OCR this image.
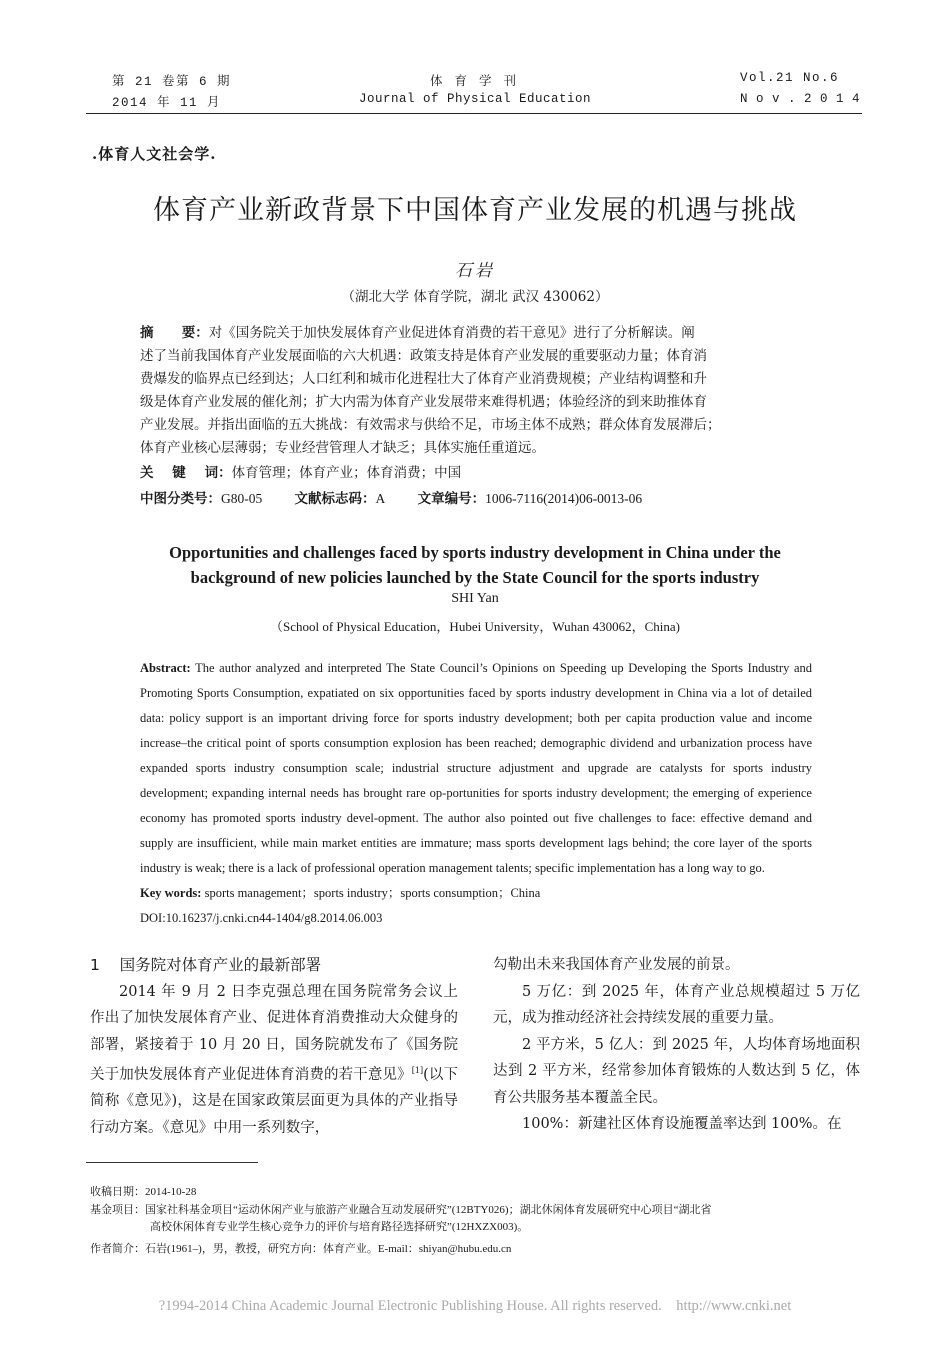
第 21 卷第 6 期
2014 年 11 月
体 育 学 刊
Journal of Physical Education
Vol.21 No.6
N o v . 2 0 1 4
.体育人文社会学.
体育产业新政背景下中国体育产业发展的机遇与挑战
石岩
（湖北大学 体育学院，湖北 武汉 430062）
摘      要：对《国务院关于加快发展体育产业促进体育消费的若干意见》进行了分析解读。阐
述了当前我国体育产业发展面临的六大机遇：政策支持是体育产业发展的重要驱动力量；体育消
费爆发的临界点已经到达；人口红利和城市化进程壮大了体育产业消费规模；产业结构调整和升
级是体育产业发展的催化剂；扩大内需为体育产业发展带来难得机遇；体验经济的到来助推体育
产业发展。并指出面临的五大挑战：有效需求与供给不足，市场主体不成熟；群众体育发展滞后；
体育产业核心层薄弱；专业经营管理人才缺乏；具体实施任重道远。
关    键    词：体育管理；体育产业；体育消费；中国
中图分类号：G80-05 文献标志码：A 文章编号：1006-7116(2014)06-0013-06
Opportunities and challenges faced by sports industry development in China under the
background of new policies launched by the State Council for the sports industry
SHI Yan
（School of Physical Education，Hubei University，Wuhan 430062，China)
Abstract: The author analyzed and interpreted The State Council’s Opinions on Speeding up Developing the Sports Industry and Promoting Sports Consumption, expatiated on six opportunities faced by sports industry development in China via a lot of detailed data: policy support is an important driving force for sports industry development; both per capita production value and income increase–the critical point of sports consumption explosion has been reached; demographic dividend and urbanization process have expanded sports industry consumption scale; industrial structure adjustment and upgrade are catalysts for sports industry development; expanding internal needs has brought rare op-portunities for sports industry development; the emerging of experience economy has promoted sports industry devel-opment. The author also pointed out five challenges to face: effective demand and supply are insufficient, while main market entities are immature; mass sports development lags behind; the core layer of the sports industry is weak; there is a lack of professional operation management talents; specific implementation has a long way to go.
Key words: sports management；sports industry；sports consumption；China
DOI:10.16237/j.cnki.cn44-1404/g8.2014.06.003
1    国务院对体育产业的最新部署
2014 年 9 月 2 日李克强总理在国务院常务会议上作出了加快发展体育产业、促进体育消费推动大众健身的部署，紧接着于 10 月 20 日，国务院就发布了《国务院关于加快发展体育产业促进体育消费的若干意见》[1](以下简称《意见》)，这是在国家政策层面更为具体的产业指导行动方案。《意见》中用一系列数字，
勾勒出未来我国体育产业发展的前景。
5 万亿：到 2025 年，体育产业总规模超过 5 万亿元，成为推动经济社会持续发展的重要力量。
2 平方米，5 亿人：到 2025 年，人均体育场地面积达到 2 平方米，经常参加体育锻炼的人数达到 5 亿，体育公共服务基本覆盖全民。
100%：新建社区体育设施覆盖率达到 100%。在
收稿日期：2014-10-28
基金项目：国家社科基金项目“运动休闲产业与旅游产业融合互动发展研究”(12BTY026)；湖北休闲体育发展研究中心项目“湖北省
高校休闲体育专业学生核心竞争力的评价与培育路径选择研究”(12HXZX003)。
作者简介：石岩(1961–)，男，教授，研究方向：体育产业。E-mail：shiyan@hubu.edu.cn
?1994-2014 China Academic Journal Electronic Publishing House. All rights reserved.    http://www.cnki.net
